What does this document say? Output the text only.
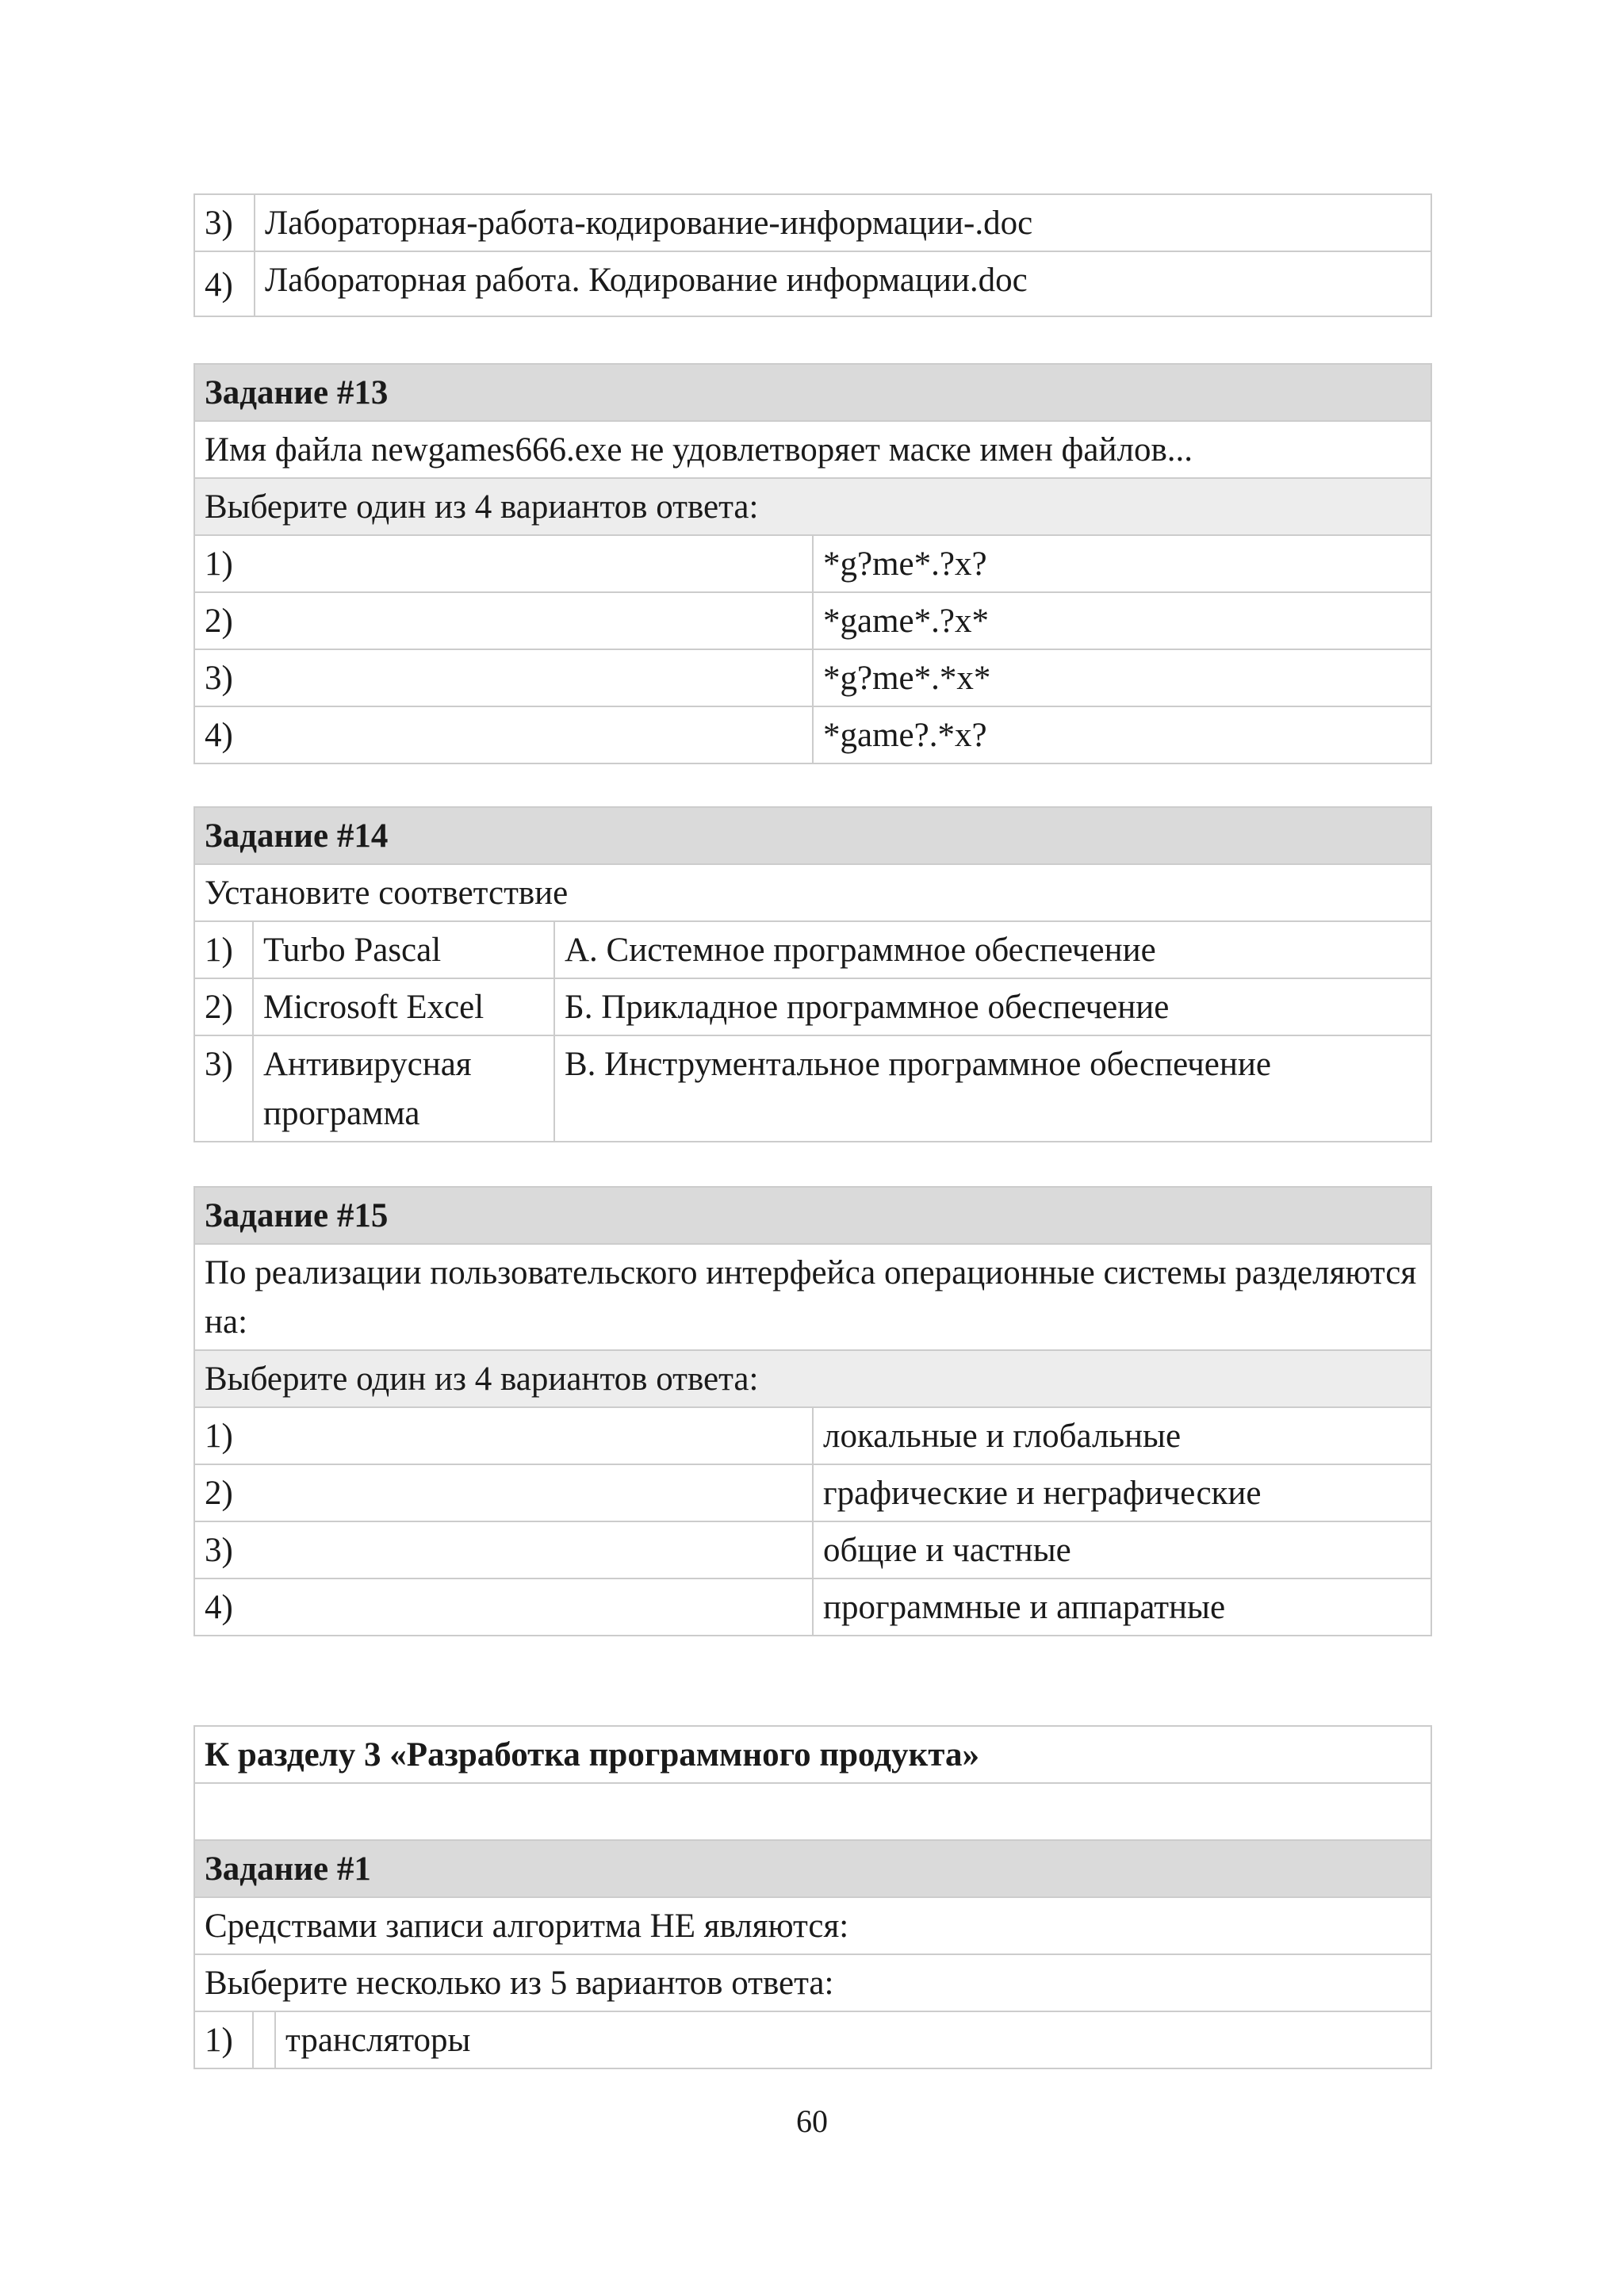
3)	Лабораторная-работа-кодирование-информации-.doc
4)	Лабораторная работа. Кодирование информации.doc
Задание #13	
Имя файла newgames666.exe не удовлетворяет маске имен файлов...	
Выберите один из 4 вариантов ответа:	
1)	*g?me*.?x?
2)	*game*.?x*
3)	*g?me*.*x*
4)	*game?.*x?
Задание #14		
Установите соответствие		
1)	Turbo Pascal	А. Системное программное обеспечение
2)	Microsoft Excel	Б. Прикладное программное обеспечение
3)	Антивирусная программа	В. Инструментальное программное обеспечение
Задание #15	
По реализации пользовательского интерфейса операционные системы разделяются на:	
Выберите один из 4 вариантов ответа:	
1)	локальные и глобальные
2)	графические и неграфические
3)	общие и частные
4)	программные и аппаратные
К разделу 3 «Разработка программного продукта»

Задание #1
Средствами записи алгоритма НЕ являются:
Выберите несколько из 5 вариантов ответа:
1)		трансляторы
60
